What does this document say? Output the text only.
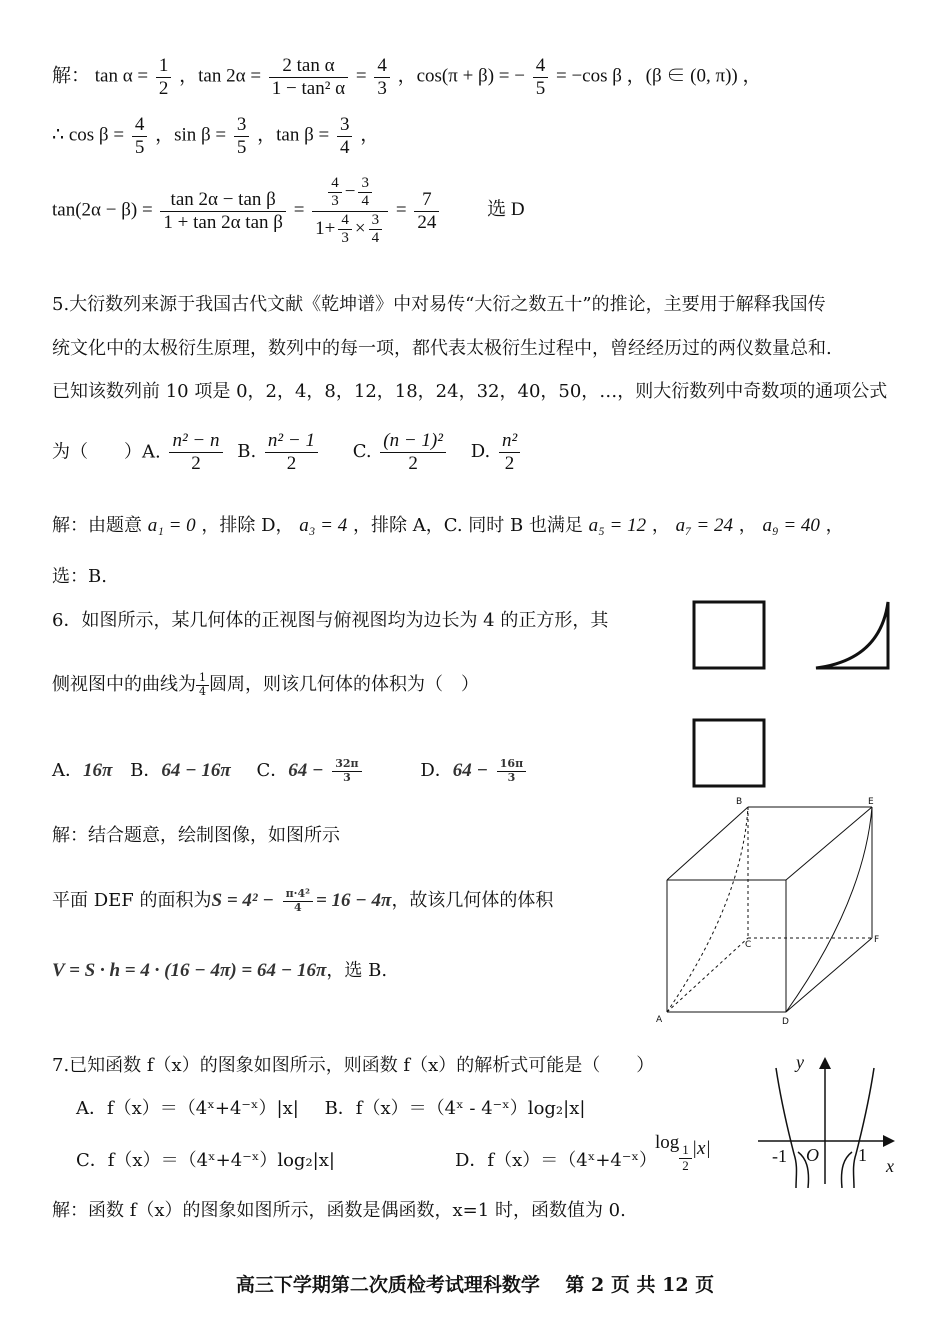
解： $\tan \alpha = \frac{1}{2}$ ，$\tan 2\alpha = \frac{\text{2 tan α}}{\text{1 − tan² α}} = \frac{4}{3}$ ，cos(π + β) = − $\frac{4}{5} = -\cos$ β ，(β ∈ (0, π)) ，
∴ $\cos \beta = \frac{4}{5}$ ，$\sin \beta = \frac{3}{5}$ ，$\tan \beta = \frac{3}{4}$ ，
$\tan(2\alpha - \beta) = \frac{\text{tan 2α − tan β}}{\text{1 + tan 2α tan β}} = \frac{\frac{4}{3} - \frac{3}{4}}{1+ \frac{4}{3} \times \frac{3}{4}} = \frac{7}{24}$	选 D
5.大衍数列来源于我国古代文献《乾坤谱》中对易传“大衍之数五十”的推论，主要用于解释我国传
统文化中的太极衍生原理，数列中的每一项，都代表太极衍生过程中，曾经经历过的两仪数量总和.
已知该数列前 10 项是 0，2，4，8，12，18，24，32，40，50，…，则大衍数列中奇数项的通项公式
为（　　）A. $\frac{\text{n² − n}}{2} B$. $\frac{\text{n² − 1}}{2} C$. $\frac{\text{(n − 1)²}}{2} D$. $\frac{\text{n²}}{2}$
解：由题意 a₁ = 0 ，排除 D， a₃ = 4 ，排除 A，C. 同时 B 也满足 a₅ = 12 ， a₇ = 24 ， a₉ = 40 ，
选：B.
6．如图所示，某几何体的正视图与俯视图均为边长为 4 的正方形，其
侧视图中的曲线为 $\frac{1}{4}$ 圆周，则该几何体的体积为（　）
A．16π B．64 − 16π C．$64 - \frac{32\pi}{3}$	D．$64 - \frac{16\pi}{3}$
解：结合题意，绘制图像，如图所示
平面 DEF 的面积为$S = 4^2 - \frac{\text{π·4²}}{4} = 16 - 4\pi$，故该几何体的体积
V = S · h = 4 · (16 − 4π) = 64 − 16π，选 B.
A
B
C
D
E
F
7.已知函数 f（x）的图象如图所示，则函数 f（x）的解析式可能是（　　）
A．f（x）＝（4ˣ+4⁻ˣ）|x| B．f（x）＝（4ˣ - 4⁻ˣ）log₂|x|
C．f（x）＝（4ˣ+4⁻ˣ）log₂|x|	D．f（x）＝（4ˣ+4⁻ˣ）
log
$\frac{1}{2} |x|$
解：函数 f（x）的图象如图所示，函数是偶函数，x=1 时，函数值为 0.
y
x
O
-1	1
高三下学期第二次质检考试理科数学　 第 2 页 共 12 页
